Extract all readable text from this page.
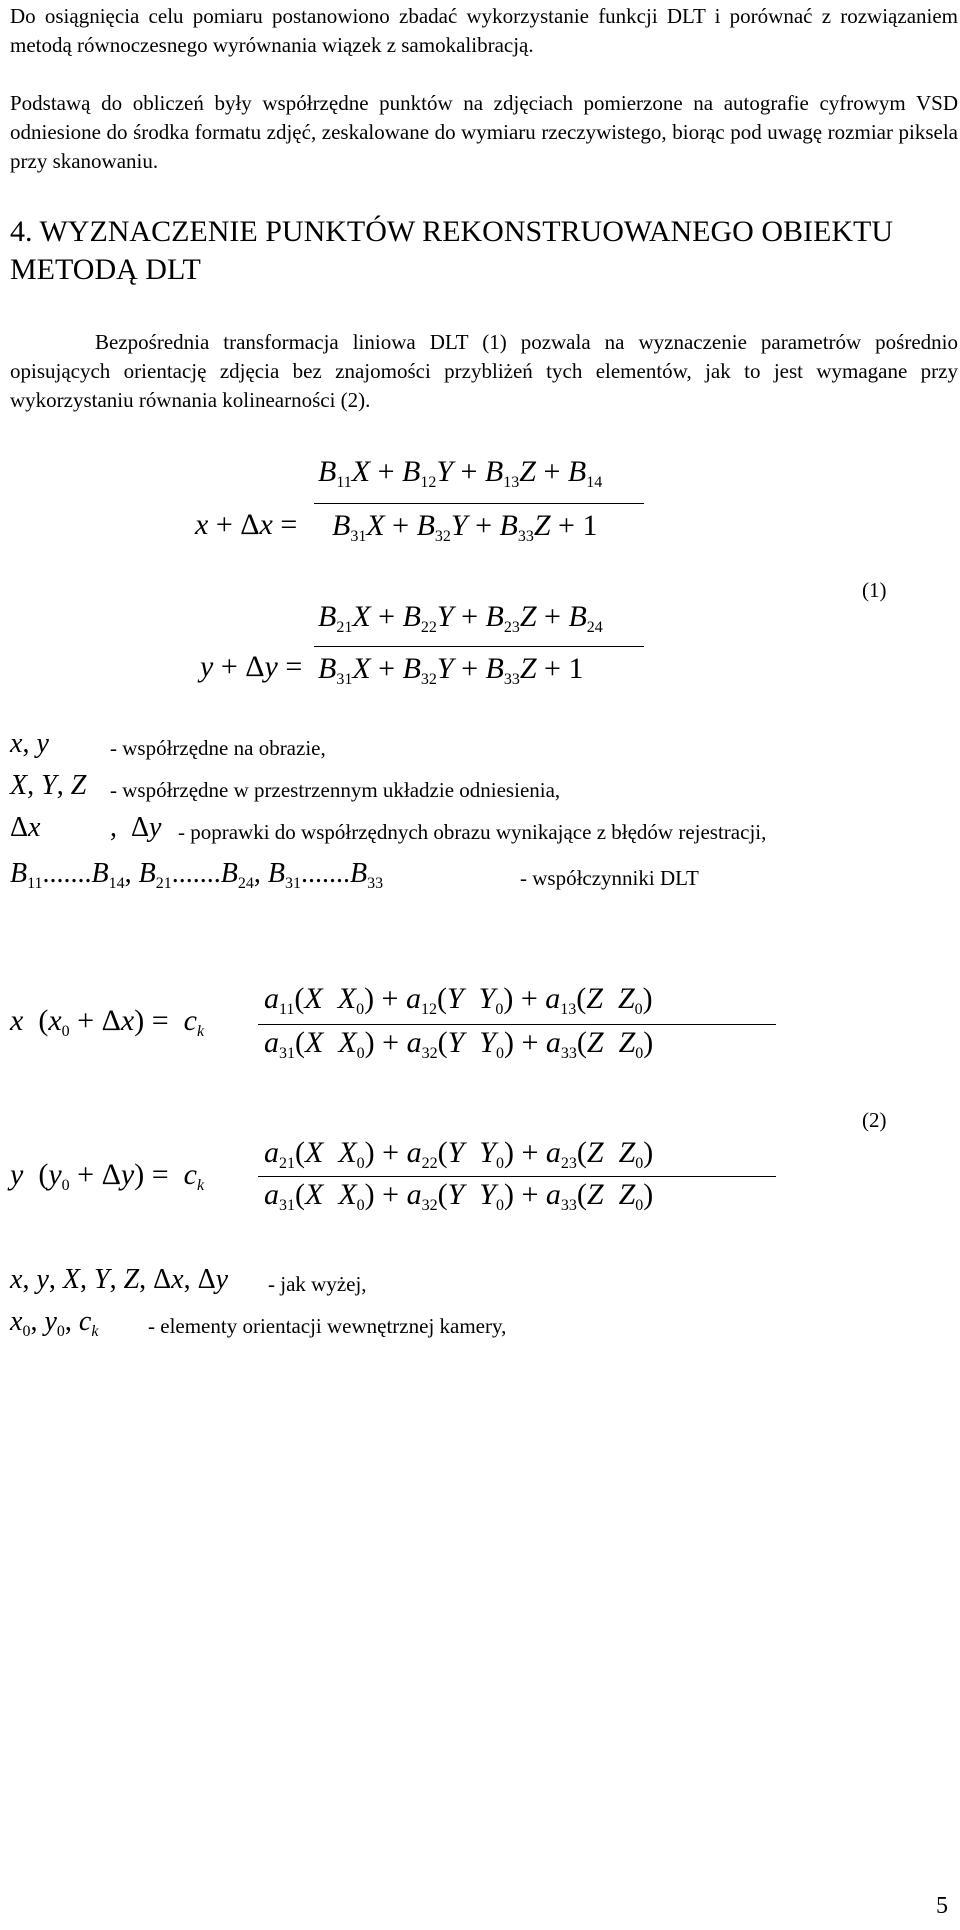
Do osiągnięcia celu pomiaru postanowiono zbadać wykorzystanie funkcji DLT i porównać z rozwiązaniem metodą równoczesnego wyrównania wiązek z samokalibracją.
Podstawą do obliczeń były współrzędne punktów na zdjęciach pomierzone na autografie cyfrowym VSD odniesione do środka formatu zdjęć, zeskalowane do wymiaru rzeczywistego, biorąc pod uwagę rozmiar piksela przy skanowaniu.
4. WYZNACZENIE PUNKTÓW REKONSTRUOWANEGO OBIEKTU METODĄ DLT
Bezpośrednia transformacja liniowa DLT (1) pozwala na wyznaczenie parametrów pośrednio opisujących orientację zdjęcia bez znajomości przybliżeń tych elementów, jak to jest wymagane przy wykorzystaniu równania kolinearności (2).
x + Δx =
$B_{11}X + B_{12}Y + B_{13}Z + B_{14}$
$B_{31}X + B_{32}Y + B_{33}Z + 1$
y + Δy =
$B_{21}X + B_{22}Y + B_{23}Z + B_{24}$
$B_{31}X + B_{32}Y + B_{33}Z + 1$
(1)
x, y	- współrzędne na obrazie,
X, Y, Z - współrzędne w przestrzennym układzie odniesienia,
Δx ,  Δy - poprawki do współrzędnych obrazu wynikające z błędów rejestracji,
$B_{11}.......B_{14}$, $B_{21}.......B_{24}$, $B_{31}.......B_{33}$	- współczynniki DLT
x  $(x_0 + \Delta x) = c_k$
$a_{11}(X$ $X_0) + a_{12}(Y$ $Y_0) + a_{13}(Z$ $Z_0$)
$a_{31}(X$ $X_0) + a_{32}(Y$ $Y_0) + a_{33}(Z$ $Z_0$)
y  $(y_0 + \Delta y) = c_k$
$a_{21}(X$ $X_0) + a_{22}(Y$ $Y_0) + a_{23}(Z$ $Z_0$)
$a_{31}(X$ $X_0) + a_{32}(Y$ $Y_0) + a_{33}(Z$ $Z_0$)
(2)
x, y, X, Y, Z, Δx, Δy - jak wyżej,
$x_0$, $y_0$, $c_k$ - elementy orientacji wewnętrznej kamery,
5
